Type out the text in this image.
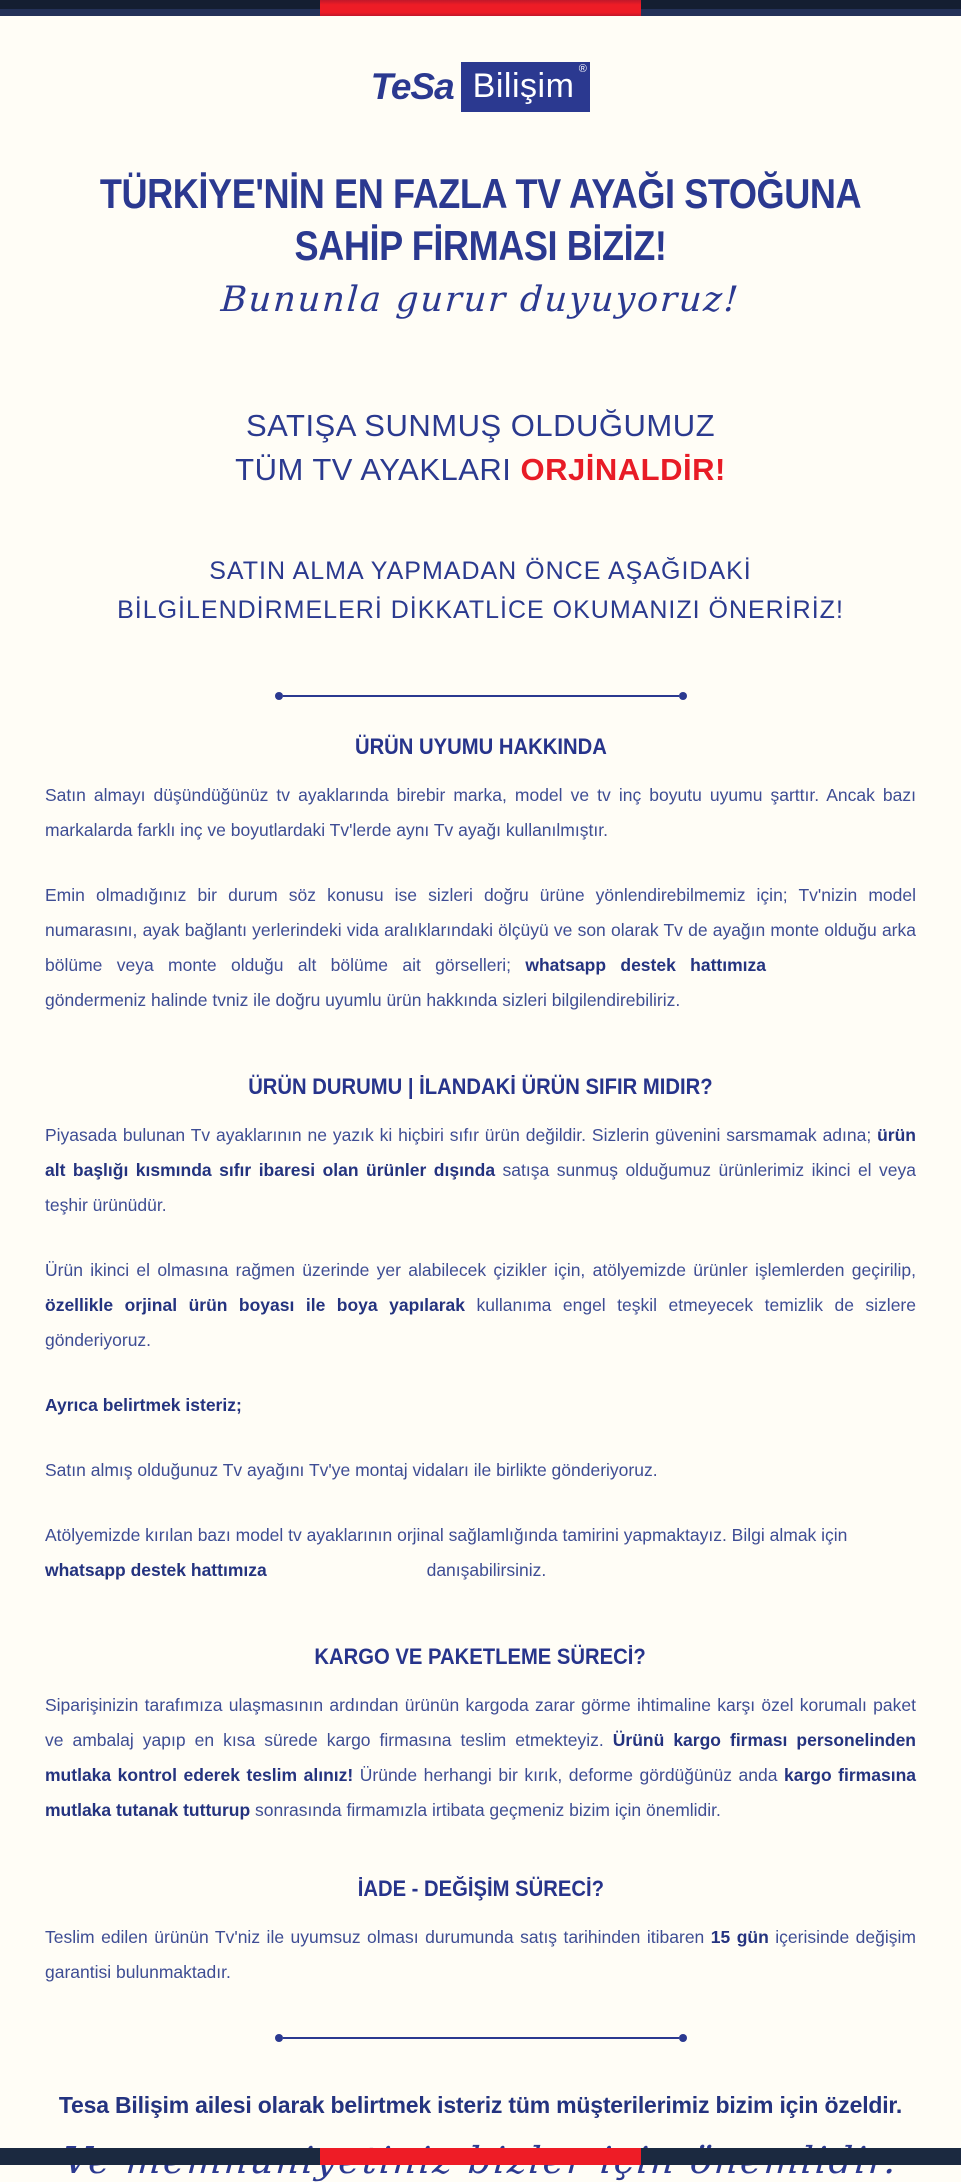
TeSa Bilişim ®
TÜRKİYE'NİN EN FAZLA TV AYAĞI STOĞUNA
SAHİP FİRMASI BİZİZ!
Bununla gurur duyuyoruz!
SATIŞA SUNMUŞ OLDUĞUMUZ
TÜM TV AYAKLARI ORJİNALDİR!
SATIN ALMA YAPMADAN ÖNCE AŞAĞIDAKİ
BİLGİLENDİRMELERİ DİKKATLİCE OKUMANIZI ÖNERİRİZ!
ÜRÜN UYUMU HAKKINDA

Satın almayı düşündüğünüz tv ayaklarında birebir marka, model ve tv inç boyutu uyumu şarttır. Ancak bazı markalarda farklı inç ve boyutlardaki Tv'lerde aynı Tv ayağı kullanılmıştır.

Emin olmadığınız bir durum söz konusu ise sizleri doğru ürüne yönlendirebilmemiz için; Tv'nizin model numarasını, ayak bağlantı yerlerindeki vida aralıklarındaki ölçüyü ve son olarak Tv de ayağın monte olduğu arka bölüme veya monte olduğu alt bölüme ait görselleri; whatsapp destek hattımıza göndermeniz halinde tvniz ile doğru uyumlu ürün hakkında sizleri bilgilendirebiliriz.

ÜRÜN DURUMU | İLANDAKİ ÜRÜN SIFIR MIDIR?

Piyasada bulunan Tv ayaklarının ne yazık ki hiçbiri sıfır ürün değildir. Sizlerin güvenini sarsmamak adına; ürün alt başlığı kısmında sıfır ibaresi olan ürünler dışında satışa sunmuş olduğumuz ürünlerimiz ikinci el veya teşhir ürünüdür.

Ürün ikinci el olmasına rağmen üzerinde yer alabilecek çizikler için, atölyemizde ürünler işlemlerden geçirilip, özellikle orjinal ürün boyası ile boya yapılarak kullanıma engel teşkil etmeyecek temizlik de sizlere gönderiyoruz.

Ayrıca belirtmek isteriz;

Satın almış olduğunuz Tv ayağını Tv'ye montaj vidaları ile birlikte gönderiyoruz.

Atölyemizde kırılan bazı model tv ayaklarının orjinal sağlamlığında tamirini yapmaktayız. Bilgi almak için whatsapp destek hattımıza	danışabilirsiniz.

KARGO VE PAKETLEME SÜRECİ?

Siparişinizin tarafımıza ulaşmasının ardından ürünün kargoda zarar görme ihtimaline karşı özel korumalı paket ve ambalaj yapıp en kısa sürede kargo firmasına teslim etmekteyiz. Ürünü kargo firması personelinden mutlaka kontrol ederek teslim alınız! Üründe herhangi bir kırık, deforme gördüğünüz anda kargo firmasına mutlaka tutanak tutturup sonrasında firmamızla irtibata geçmeniz bizim için önemlidir.

İADE - DEĞİŞİM SÜRECİ?

Teslim edilen ürünün Tv'niz ile uyumsuz olması durumunda satış tarihinden itibaren 15 gün içerisinde değişim garantisi bulunmaktadır.

Tesa Bilişim ailesi olarak belirtmek isteriz tüm müşterilerimiz bizim için özeldir.
